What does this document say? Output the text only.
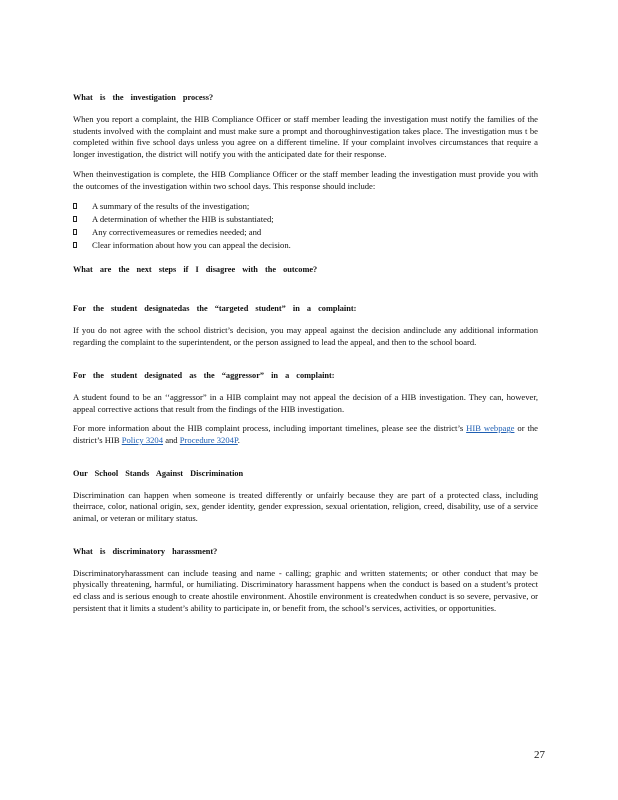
What is the investigation process?

When you report a complaint, the HIB Compliance Officer or staff member leading the investigation must notify the families of the students involved with the complaint and must make sure a prompt and thoroughinvestigation takes place. The investigation mus t be completed within five school days unless you agree on a different timeline. If your complaint involves circumstances that require a longer investigation, the district will notify you with the anticipated date for their response.

When theinvestigation is complete, the HIB Compliance Officer or the staff member leading the investigation must provide you with the outcomes of the investigation within two school days. This response should include:

A summary of the results of the investigation;
A determination of whether the HIB is substantiated;
Any correctivemeasures or remedies needed; and
Clear information about how you can appeal the decision.
What are the next steps if I disagree with the outcome?
For the student designatedas the “targeted student” in a complaint:

If you do not agree with the school district’s decision, you may appeal against the decision andinclude any additional information regarding the complaint to the superintendent, or the person assigned to lead the appeal, and then to the school board.

For the student designated as the “aggressor” in a complaint:

A student found to be an ‘‘aggressor” in a HIB complaint may not appeal the decision of a HIB investigation. They can, however, appeal corrective actions that result from the findings of the HIB investigation.

For more information about the HIB complaint process, including important timelines, please see the district’s HIB webpage or the district’s HIB Policy 3204 and Procedure 3204P.

Our School Stands Against Discrimination

Discrimination can happen when someone is treated differently or unfairly because they are part of a protected class, including theirrace, color, national origin, sex, gender identity, gender expression, sexual orientation, religion, creed, disability, use of a service animal, or veteran or military status.

What is discriminatory harassment?

Discriminatoryharassment can include teasing and name - calling; graphic and written statements; or other conduct that may be physically threatening, harmful, or humiliating. Discriminatory harassment happens when the conduct is based on a student’s protect ed class and is serious enough to create ahostile environment. Ahostile environment is createdwhen conduct is so severe, pervasive, or persistent that it limits a student’s ability to participate in, or benefit from, the school’s services, activities, or opportunities.

27
